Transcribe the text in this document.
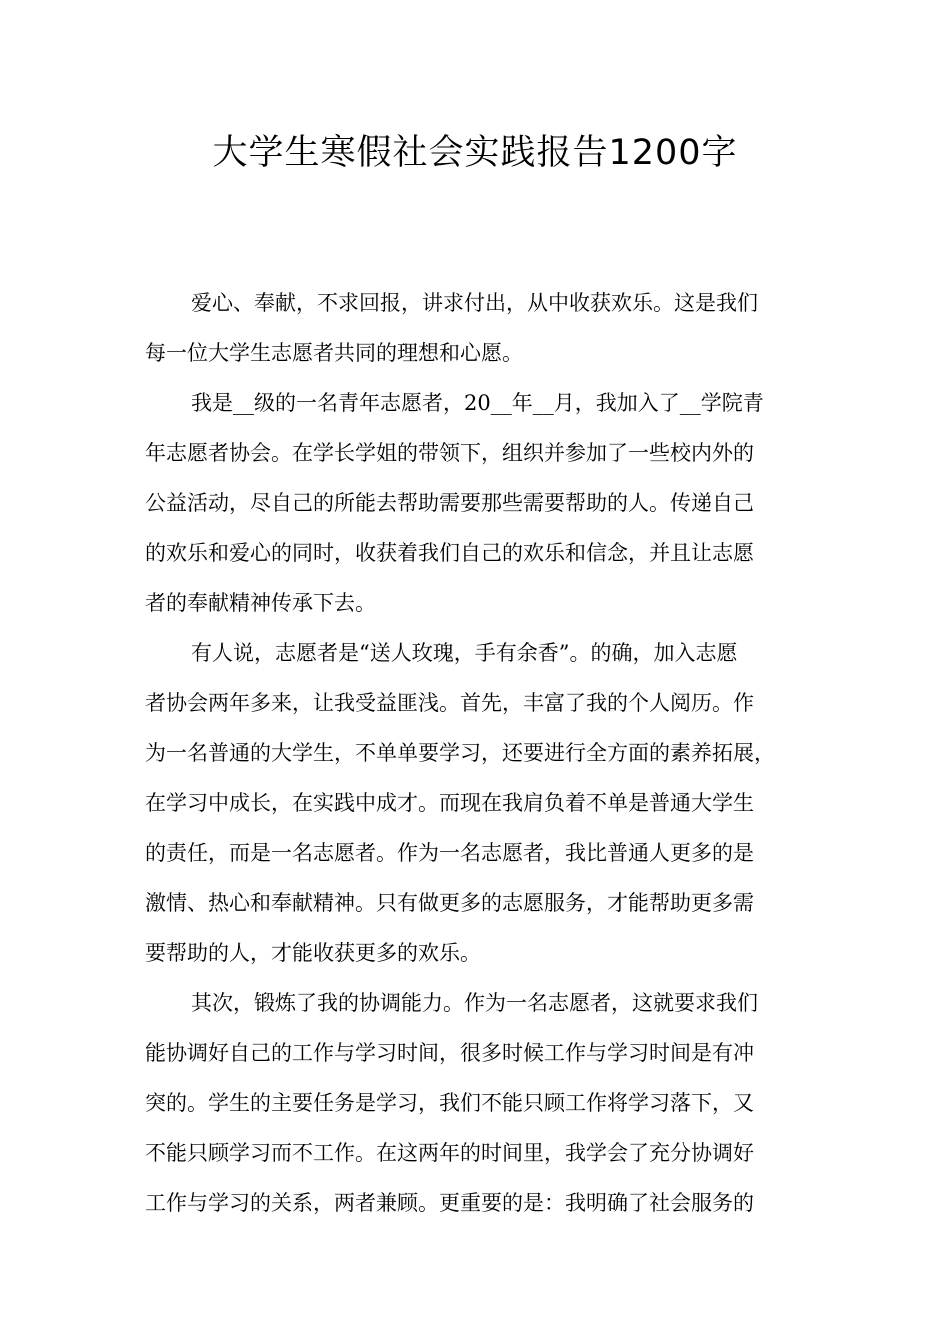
大学生寒假社会实践报告1200字
爱心、奉献，不求回报，讲求付出，从中收获欢乐。这是我们
每一位大学生志愿者共同的理想和心愿。
我是__级的一名青年志愿者，20__年__月，我加入了__学院青
年志愿者协会。在学长学姐的带领下，组织并参加了一些校内外的
公益活动，尽自己的所能去帮助需要那些需要帮助的人。传递自己
的欢乐和爱心的同时，收获着我们自己的欢乐和信念，并且让志愿
者的奉献精神传承下去。
有人说，志愿者是“送人玫瑰，手有余香”。的确，加入志愿
者协会两年多来，让我受益匪浅。首先，丰富了我的个人阅历。作
为一名普通的大学生，不单单要学习，还要进行全方面的素养拓展，
在学习中成长，在实践中成才。而现在我肩负着不单是普通大学生
的责任，而是一名志愿者。作为一名志愿者，我比普通人更多的是
激情、热心和奉献精神。只有做更多的志愿服务，才能帮助更多需
要帮助的人，才能收获更多的欢乐。
其次，锻炼了我的协调能力。作为一名志愿者，这就要求我们
能协调好自己的工作与学习时间，很多时候工作与学习时间是有冲
突的。学生的主要任务是学习，我们不能只顾工作将学习落下，又
不能只顾学习而不工作。在这两年的时间里，我学会了充分协调好
工作与学习的关系，两者兼顾。更重要的是：我明确了社会服务的
